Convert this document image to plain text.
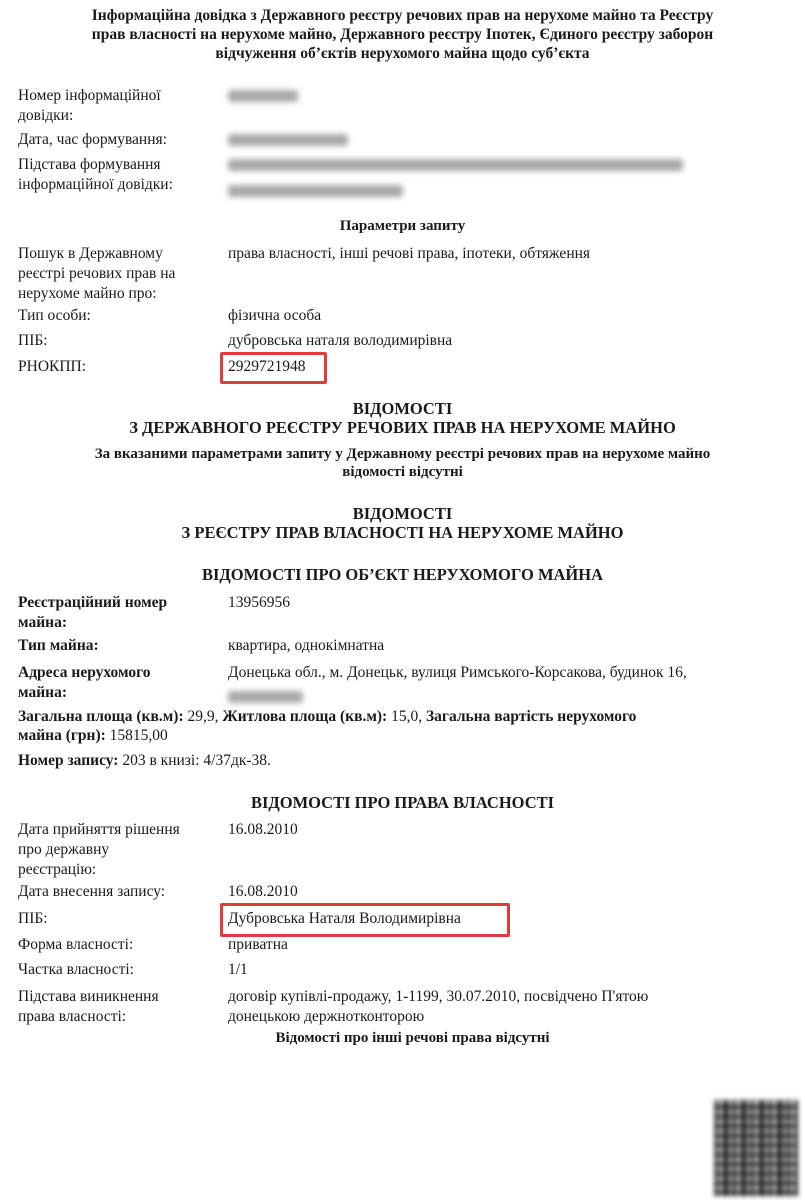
Інформаційна довідка з Державного реєстру речових прав на нерухоме майно та Реєстру
прав власності на нерухоме майно, Державного реєстру Іпотек, Єдиного реєстру заборон
відчуження об’єктів нерухомого майна щодо суб’єкта
Номер інформаційної
довідки:
Дата, час формування:
Підстава формування
інформаційної довідки:
Параметри запиту
Пошук в Державному
реєстрі речових прав на
нерухоме майно про:
права власності, інші речові права, іпотеки, обтяження
Тип особи:	фізична особа
ПІБ:	дубровська наталя володимирівна
РНОКПП:	2929721948
ВІДОМОСТІ
З ДЕРЖАВНОГО РЕЄСТРУ РЕЧОВИХ ПРАВ НА НЕРУХОМЕ МАЙНО
За вказаними параметрами запиту у Державному реєстрі речових прав на нерухоме майно
відомості відсутні
ВІДОМОСТІ
З РЕЄСТРУ ПРАВ ВЛАСНОСТІ НА НЕРУХОМЕ МАЙНО
ВІДОМОСТІ ПРО ОБ’ЄКТ НЕРУХОМОГО МАЙНА
Реєстраційний номер
майна:
13956956
Тип майна:	квартира, однокімнатна
Адреса нерухомого
майна:
Донецька обл., м. Донецьк, вулиця Римського-Корсакова, будинок 16,
Загальна площа (кв.м): 29,9, Житлова площа (кв.м): 15,0, Загальна вартість нерухомого
майна (грн): 15815,00
Номер запису: 203 в книзі: 4/37дк-38.
ВІДОМОСТІ ПРО ПРАВА ВЛАСНОСТІ
Дата прийняття рішення
про державну
реєстрацію:
16.08.2010
Дата внесення запису:	16.08.2010
ПІБ:	Дубровська Наталя Володимирівна
Форма власності:	приватна
Частка власності:	1/1
Підстава виникнення
права власності:
договір купівлі-продажу, 1-1199, 30.07.2010, посвідчено П'ятою
донецькою держнотконторою
Відомості про інші речові права відсутні
